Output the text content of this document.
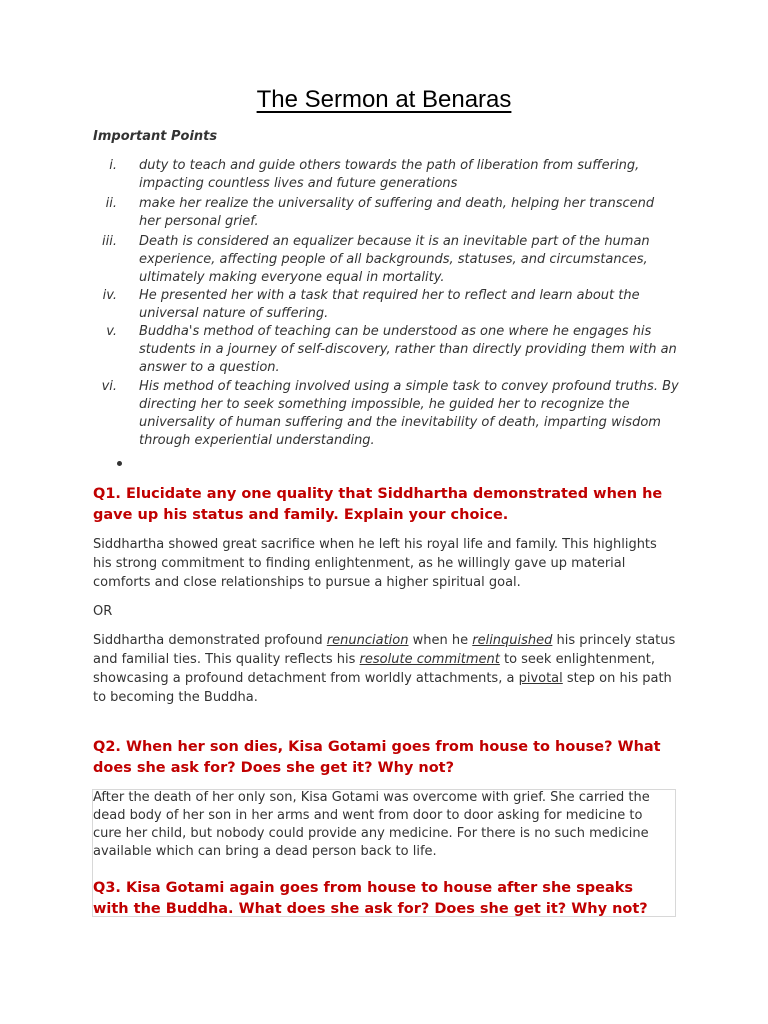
The Sermon at Benaras
Important Points
i. duty to teach and guide others towards the path of liberation from suffering, impacting countless lives and future generations
ii. make her realize the universality of suffering and death, helping her transcend her personal grief.
iii. Death is considered an equalizer because it is an inevitable part of the human experience, affecting people of all backgrounds, statuses, and circumstances, ultimately making everyone equal in mortality.
iv. He presented her with a task that required her to reflect and learn about the universal nature of suffering.
v. Buddha's method of teaching can be understood as one where he engages his students in a journey of self-discovery, rather than directly providing them with an answer to a question.
vi. His method of teaching involved using a simple task to convey profound truths. By directing her to seek something impossible, he guided her to recognize the universality of human suffering and the inevitability of death, imparting wisdom through experiential understanding.
Q1. Elucidate any one quality that Siddhartha demonstrated when he gave up his status and family. Explain your choice.
Siddhartha showed great sacrifice when he left his royal life and family. This highlights his strong commitment to finding enlightenment, as he willingly gave up material comforts and close relationships to pursue a higher spiritual goal.
OR
Siddhartha demonstrated profound renunciation when he relinquished his princely status and familial ties. This quality reflects his resolute commitment to seek enlightenment, showcasing a profound detachment from worldly attachments, a pivotal step on his path to becoming the Buddha.
Q2. When her son dies, Kisa Gotami goes from house to house? What does she ask for? Does she get it? Why not?
After the death of her only son, Kisa Gotami was overcome with grief. She carried the dead body of her son in her arms and went from door to door asking for medicine to cure her child, but nobody could provide any medicine. For there is no such medicine available which can bring a dead person back to life.
Q3. Kisa Gotami again goes from house to house after she speaks with the Buddha. What does she ask for? Does she get it? Why not?
